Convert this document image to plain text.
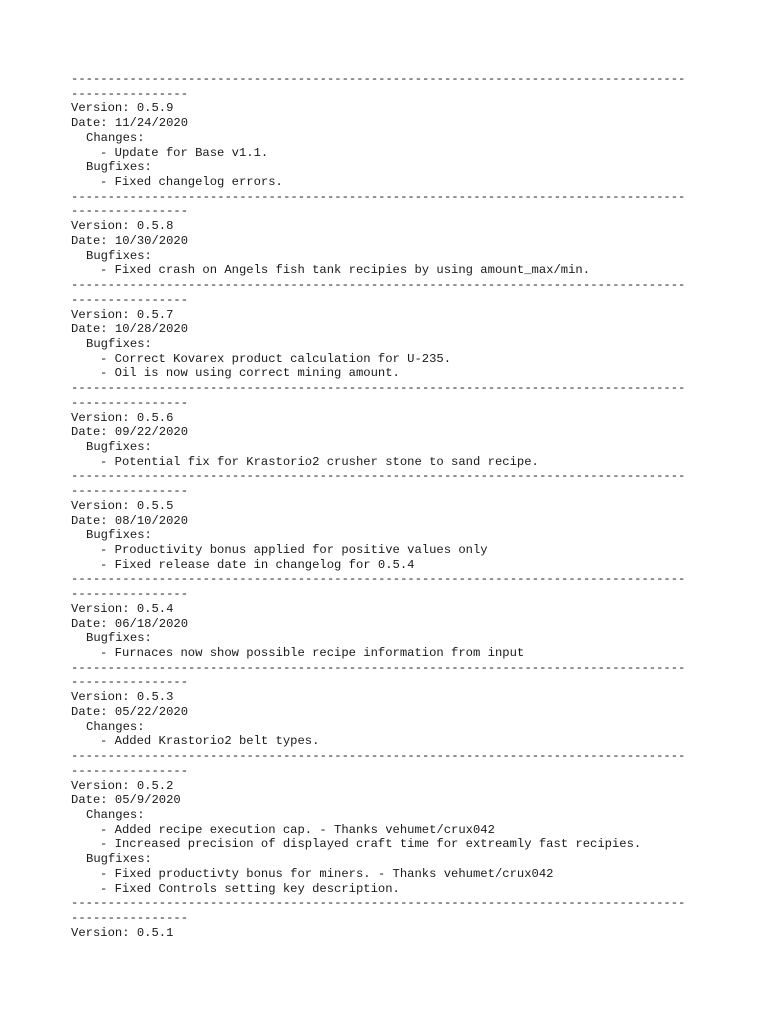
------------------------------------------------------------------------------------
----------------
Version: 0.5.9
Date: 11/24/2020
Changes:
- Update for Base v1.1.
Bugfixes:
- Fixed changelog errors.
------------------------------------------------------------------------------------
----------------
Version: 0.5.8
Date: 10/30/2020
Bugfixes:
- Fixed crash on Angels fish tank recipies by using amount_max/min.
------------------------------------------------------------------------------------
----------------
Version: 0.5.7
Date: 10/28/2020
Bugfixes:
- Correct Kovarex product calculation for U-235.
- Oil is now using correct mining amount.
------------------------------------------------------------------------------------
----------------
Version: 0.5.6
Date: 09/22/2020
Bugfixes:
- Potential fix for Krastorio2 crusher stone to sand recipe.
------------------------------------------------------------------------------------
----------------
Version: 0.5.5
Date: 08/10/2020
Bugfixes:
- Productivity bonus applied for positive values only
- Fixed release date in changelog for 0.5.4
------------------------------------------------------------------------------------
----------------
Version: 0.5.4
Date: 06/18/2020
Bugfixes:
- Furnaces now show possible recipe information from input
------------------------------------------------------------------------------------
----------------
Version: 0.5.3
Date: 05/22/2020
Changes:
- Added Krastorio2 belt types.
------------------------------------------------------------------------------------
----------------
Version: 0.5.2
Date: 05/9/2020
Changes:
- Added recipe execution cap. - Thanks vehumet/crux042
- Increased precision of displayed craft time for extreamly fast recipies.
Bugfixes:
- Fixed productivty bonus for miners. - Thanks vehumet/crux042
- Fixed Controls setting key description.
------------------------------------------------------------------------------------
----------------
Version: 0.5.1
